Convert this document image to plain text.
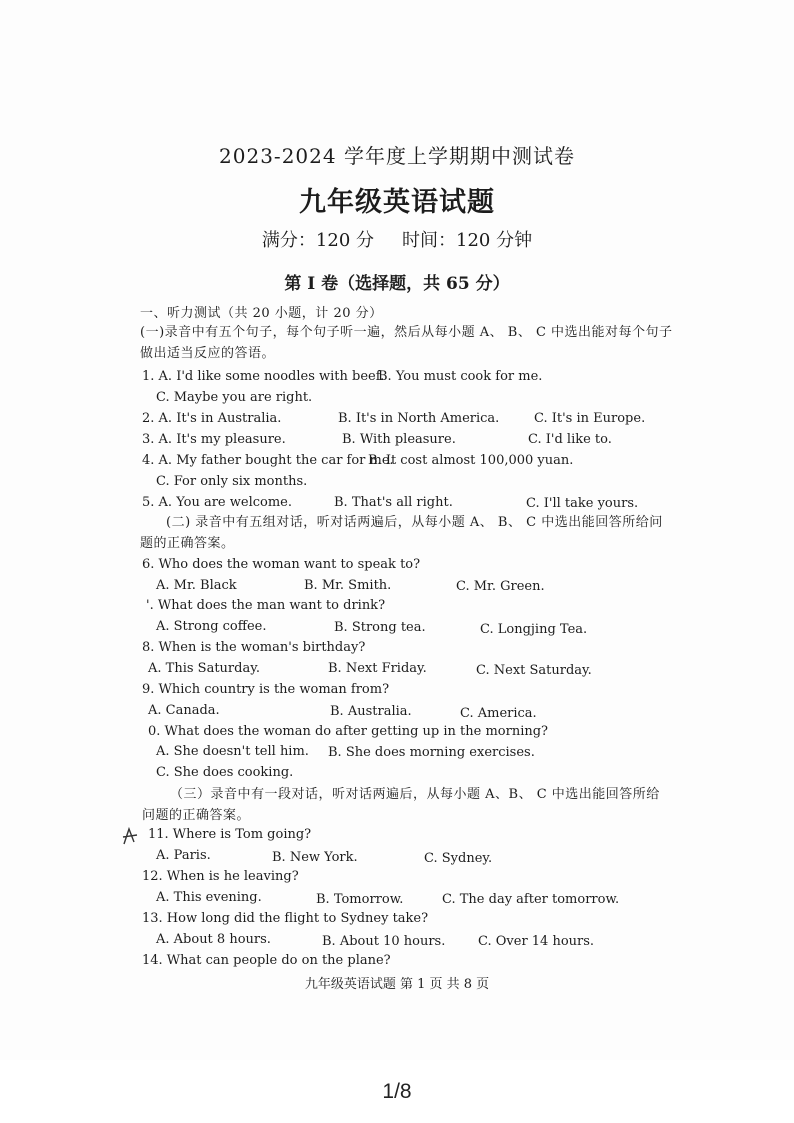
2023-2024 学年度上学期期中测试卷
九年级英语试题
满分：120 分 时间：120 分钟
第 I 卷（选择题，共 65 分）
一、听力测试（共 20 小题，计 20 分）
(一)录音中有五个句子，每个句子听一遍，然后从每小题 A、 B、 C 中选出能对每个句子
做出适当反应的答语。
1. A. I'd like some noodles with beef.
B. You must cook for me.
C. Maybe you are right.
2. A. It's in Australia.	B. It's in North America.	C. It's in Europe.
3. A. It's my pleasure.	B. With pleasure.	C. I'd like to.
4. A. My father bought the car for me.
B. It cost almost 100,000 yuan.
C. For only six months.
5. A. You are welcome.	B. That's all right.	C. I'll take yours.
(二) 录音中有五组对话，听对话两遍后，从每小题 A、 B、 C 中选出能回答所给问
题的正确答案。
6. Who does the woman want to speak to?
A. Mr. Black	B. Mr. Smith.	C. Mr. Green.
'. What does the man want to drink?
A. Strong coffee.	B. Strong tea.	C. Longjing Tea.
8. When is the woman's birthday?
A. This Saturday.	B. Next Friday.	C. Next Saturday.
9. Which country is the woman from?
A. Canada.	B. Australia.	C. America.
0. What does the woman do after getting up in the morning?
A. She doesn't tell him. B. She does morning exercises.
C. She does cooking.
（三）录音中有一段对话，听对话两遍后，从每小题 A、B、 C 中选出能回答所给
问题的正确答案。
11. Where is Tom going?
A. Paris.	B. New York.	C. Sydney.
12. When is he leaving?
A. This evening.	B. Tomorrow.	C. The day after tomorrow.
13. How long did the flight to Sydney take?
A. About 8 hours.	B. About 10 hours.	C. Over 14 hours.
14. What can people do on the plane?
九年级英语试题 第 1 页 共 8 页
1/8
